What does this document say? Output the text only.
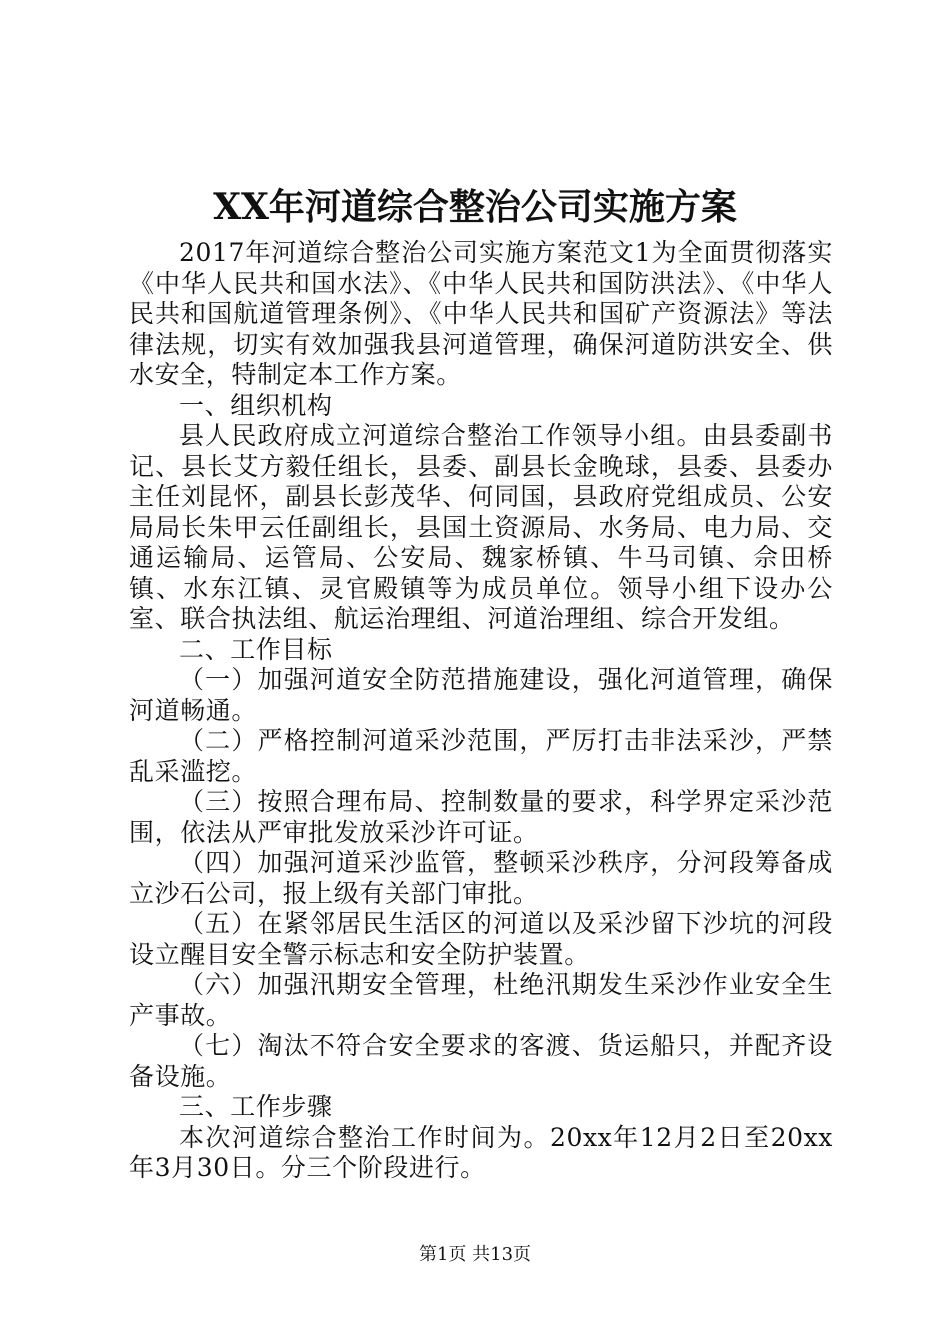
XX年河道综合整治公司实施方案

2017年河道综合整治公司实施方案范文1为全面贯彻落实《中华人民共和国水法》、《中华人民共和国防洪法》、《中华人民共和国航道管理条例》、《中华人民共和国矿产资源法》等法律法规，切实有效加强我县河道管理，确保河道防洪安全、供水安全，特制定本工作方案。

一、组织机构

县人民政府成立河道综合整治工作领导小组。由县委副书记、县长艾方毅任组长，县委、副县长金晚球，县委、县委办主任刘昆怀，副县长彭茂华、何同国，县政府党组成员、公安局局长朱甲云任副组长，县国土资源局、水务局、电力局、交通运输局、运管局、公安局、魏家桥镇、牛马司镇、佘田桥镇、水东江镇、灵官殿镇等为成员单位。领导小组下设办公室、联合执法组、航运治理组、河道治理组、综合开发组。

二、工作目标

（一）加强河道安全防范措施建设，强化河道管理，确保河道畅通。

（二）严格控制河道采沙范围，严厉打击非法采沙，严禁乱采滥挖。

（三）按照合理布局、控制数量的要求，科学界定采沙范围，依法从严审批发放采沙许可证。

（四）加强河道采沙监管，整顿采沙秩序，分河段筹备成立沙石公司，报上级有关部门审批。

（五）在紧邻居民生活区的河道以及采沙留下沙坑的河段设立醒目安全警示标志和安全防护装置。

（六）加强汛期安全管理，杜绝汛期发生采沙作业安全生产事故。

（七）淘汰不符合安全要求的客渡、货运船只，并配齐设备设施。

三、工作步骤

本次河道综合整治工作时间为。20xx年12月2日至20xx年3月30日。分三个阶段进行。

第1页 共13页
